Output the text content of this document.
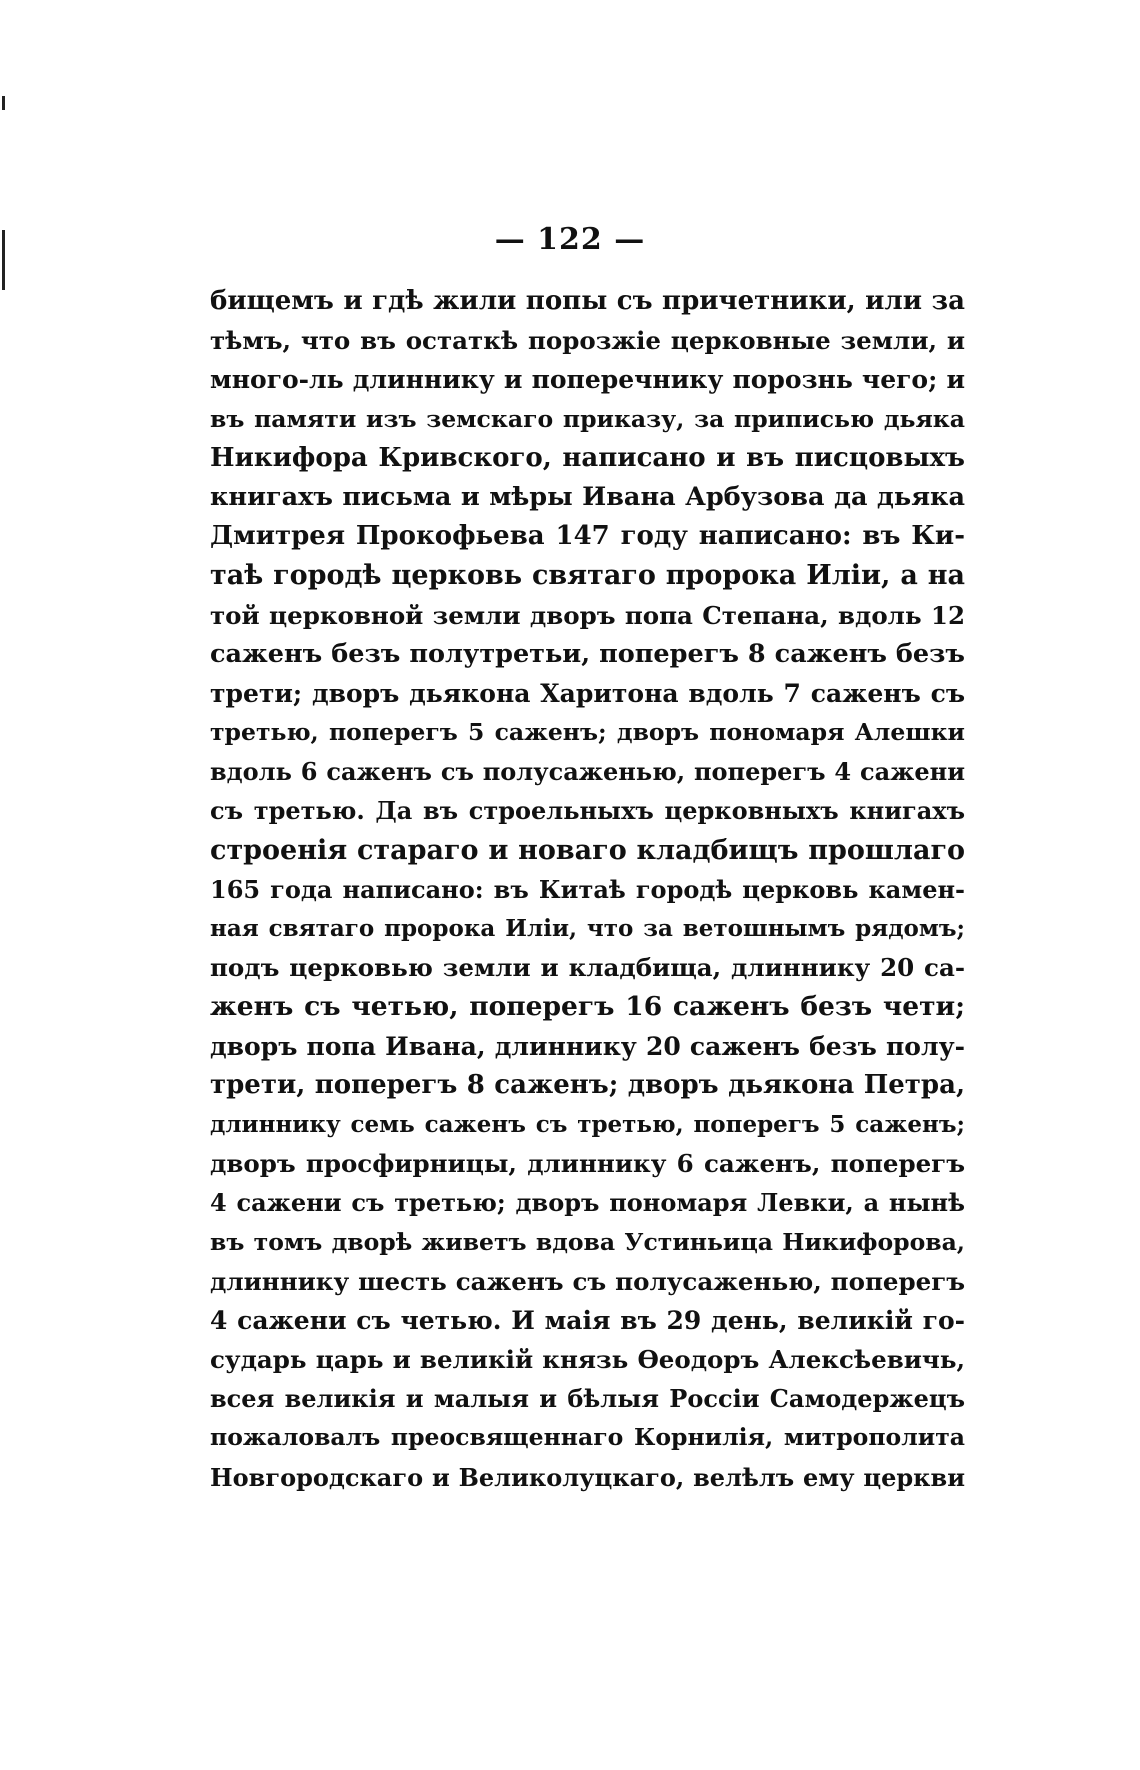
— 122 —
бищемъ и гдѣ жили попы съ причетники, или за
тѣмъ, что въ остаткѣ порозжіе церковные земли, и
много-ль длиннику и поперечнику порознь чего; и
въ памяти изъ земскаго приказу, за приписью дьяка
Никифора Кривского, написано и въ писцовыхъ
книгахъ письма и мѣры Ивана Арбузова да дьяка
Дмитрея Прокофьева 147 году написано: въ Ки-
таѣ городѣ церковь святаго пророка Иліи, а на
той церковной земли дворъ попа Степана, вдоль 12
саженъ безъ полутретьи, поперегъ 8 саженъ безъ
трети; дворъ дьякона Харитона вдоль 7 саженъ съ
третью, поперегъ 5 саженъ; дворъ пономаря Алешки
вдоль 6 саженъ съ полусаженью, поперегъ 4 сажени
съ третью. Да въ строельныхъ церковныхъ книгахъ
строенія стараго и новаго кладбищъ прошлаго
165 года написано: въ Китаѣ городѣ церковь камен-
ная святаго пророка Иліи, что за ветошнымъ рядомъ;
подъ церковью земли и кладбища, длиннику 20 са-
женъ съ четью, поперегъ 16 саженъ безъ чети;
дворъ попа Ивана, длиннику 20 саженъ безъ полу-
трети, поперегъ 8 саженъ; дворъ дьякона Петра,
длиннику семь саженъ съ третью, поперегъ 5 саженъ;
дворъ просфирницы, длиннику 6 саженъ, поперегъ
4 сажени съ третью; дворъ пономаря Левки, а нынѣ
въ томъ дворѣ живетъ вдова Устиньица Никифорова,
длиннику шесть саженъ съ полусаженью, поперегъ
4 сажени съ четью. И маія въ 29 день, великій го-
сударь царь и великій князь Ѳеодоръ Алексѣевичь,
всея великія и малыя и бѣлыя Россіи Самодержецъ
пожаловалъ преосвященнаго Корнилія, митрополита
Новгородскаго и Великолуцкаго, велѣлъ ему церкви
